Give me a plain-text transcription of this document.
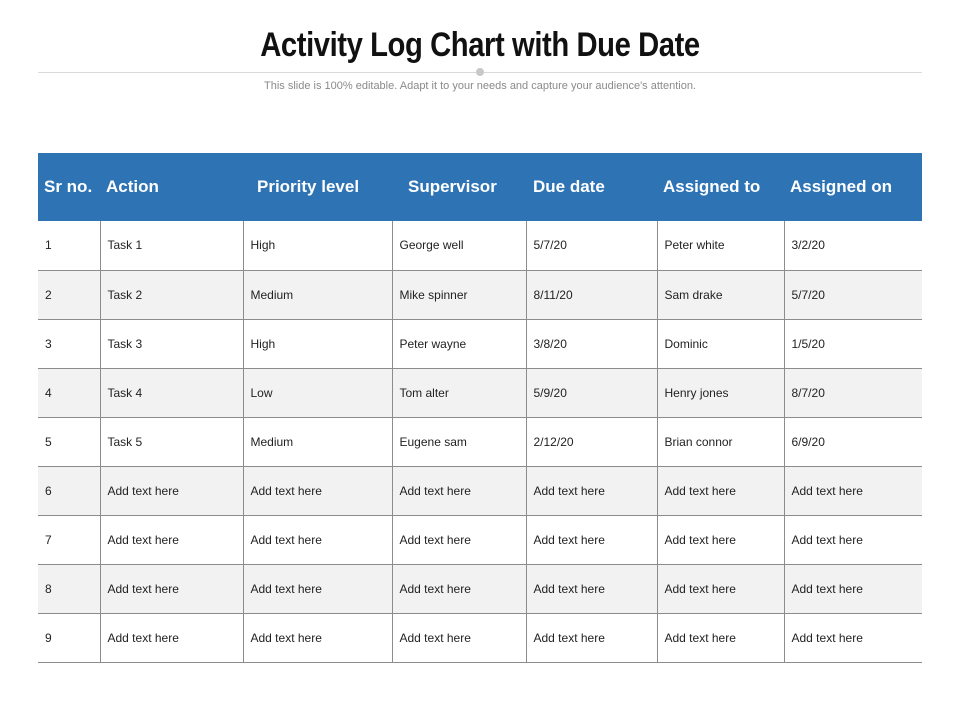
Activity Log Chart with Due Date
This slide is 100% editable. Adapt it to your needs and capture your audience's attention.
Sr no.	Action	Priority level	Supervisor	Due date	Assigned to	Assigned on
1	Task 1	High	George well	5/7/20	Peter white	3/2/20
2	Task 2	Medium	Mike spinner	8/11/20	Sam drake	5/7/20
3	Task 3	High	Peter wayne	3/8/20	Dominic	1/5/20
4	Task 4	Low	Tom alter	5/9/20	Henry jones	8/7/20
5	Task 5	Medium	Eugene sam	2/12/20	Brian connor	6/9/20
6	Add text here	Add text here	Add text here	Add text here	Add text here	Add text here
7	Add text here	Add text here	Add text here	Add text here	Add text here	Add text here
8	Add text here	Add text here	Add text here	Add text here	Add text here	Add text here
9	Add text here	Add text here	Add text here	Add text here	Add text here	Add text here
